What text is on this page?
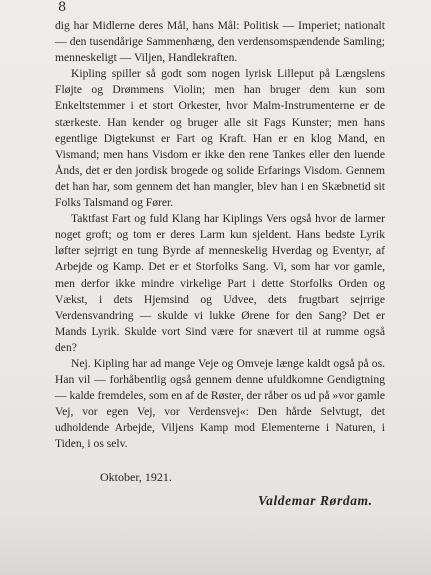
8

dig har Midlerne deres Mål, hans Mål: Politisk — Imperiet; nationalt — den tusendårige Sammenhæng, den verdensomspændende Samling; menneskeligt — Viljen, Handlekraften.

Kipling spiller så godt som nogen lyrisk Lilleput på Længslens Fløjte og Drømmens Violin; men han bruger dem kun som Enkeltstemmer i et stort Orkester, hvor Malm-Instrumenterne er de stærkeste. Han kender og bruger alle sit Fags Kunster; men hans egentlige Digtekunst er Fart og Kraft. Han er en klog Mand, en Vismand; men hans Visdom er ikke den rene Tankes eller den luende Ånds, det er den jordisk brogede og solide Erfarings Visdom. Gennem det han har, som gennem det han mangler, blev han i en Skæbnetid sit Folks Talsmand og Fører.

Taktfast Fart og fuld Klang har Kiplings Vers også hvor de larmer noget groft; og tom er deres Larm kun sjeldent. Hans bedste Lyrik løfter sejrrigt en tung Byrde af menneskelig Hverdag og Eventyr, af Arbejde og Kamp. Det er et Storfolks Sang. Vi, som har vor gamle, men derfor ikke mindre virkelige Part i dette Storfolks Orden og Vækst, i dets Hjemsind og Udvee, dets frugtbart sejrrige Verdensvandring — skulde vi lukke Ørene for den Sang? Det er Mands Lyrik. Skulde vort Sind være for snævert til at rumme også den?

Nej. Kipling har ad mange Veje og Omveje længe kaldt også på os. Han vil — forhåbentlig også gennem denne ufuldkomne Gendigtning — kalde fremdeles, som en af de Røster, der råber os ud på »vor gamle Vej, vor egen Vej, vor Verdensvej«: Den hårde Selvtugt, det udholdende Arbejde, Viljens Kamp mod Elementerne i Naturen, i Tiden, i os selv.

Oktober, 1921.
Valdemar Rørdam.
